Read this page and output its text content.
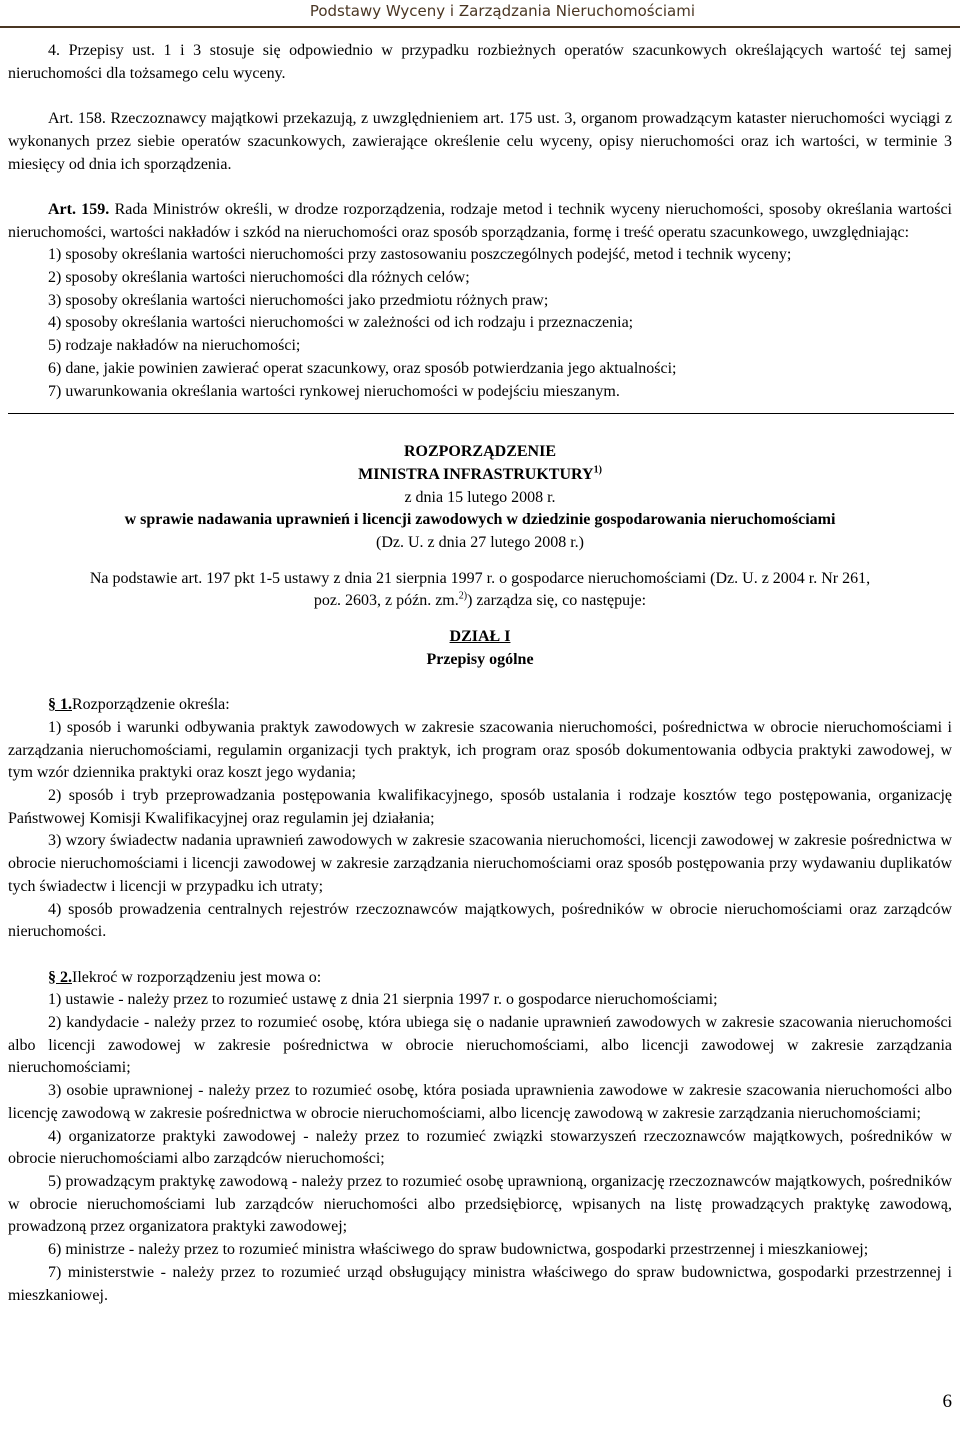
Podstawy Wyceny i Zarządzania Nieruchomościami

4. Przepisy ust. 1 i 3 stosuje się odpowiednio w przypadku rozbieżnych operatów szacunkowych określających wartość tej samej nieruchomości dla tożsamego celu wyceny.

Art. 158. Rzeczoznawcy majątkowi przekazują, z uwzględnieniem art. 175 ust. 3, organom prowadzącym kataster nieruchomości wyciągi z wykonanych przez siebie operatów szacunkowych, zawierające określenie celu wyceny, opisy nieruchomości oraz ich wartości, w terminie 3 miesięcy od dnia ich sporządzenia.

Art. 159. Rada Ministrów określi, w drodze rozporządzenia, rodzaje metod i technik wyceny nieruchomości, sposoby określania wartości nieruchomości, wartości nakładów i szkód na nieruchomości oraz sposób sporządzania, formę i treść operatu szacunkowego, uwzględniając:

1) sposoby określania wartości nieruchomości przy zastosowaniu poszczególnych podejść, metod i technik wyceny;

2) sposoby określania wartości nieruchomości dla różnych celów;

3) sposoby określania wartości nieruchomości jako przedmiotu różnych praw;

4) sposoby określania wartości nieruchomości w zależności od ich rodzaju i przeznaczenia;

5) rodzaje nakładów na nieruchomości;

6) dane, jakie powinien zawierać operat szacunkowy, oraz sposób potwierdzania jego aktualności;

7) uwarunkowania określania wartości rynkowej nieruchomości w podejściu mieszanym.

ROZPORZĄDZENIE

MINISTRA INFRASTRUKTURY$^{1)}$

z dnia 15 lutego 2008 r.

w sprawie nadawania uprawnień i licencji zawodowych w dziedzinie gospodarowania nieruchomościami

(Dz. U. z dnia 27 lutego 2008 r.)

Na podstawie art. 197 pkt 1-5 ustawy z dnia 21 sierpnia 1997 r. o gospodarce nieruchomościami (Dz. U. z 2004 r. Nr 261,

poz. 2603, z późn. zm.$^{2)}$) zarządza się, co następuje:

DZIAŁ I

Przepisy ogólne

§ 1.Rozporządzenie określa:

1) sposób i warunki odbywania praktyk zawodowych w zakresie szacowania nieruchomości, pośrednictwa w obrocie nieruchomościami i zarządzania nieruchomościami, regulamin organizacji tych praktyk, ich program oraz sposób dokumentowania odbycia praktyki zawodowej, w tym wzór dziennika praktyki oraz koszt jego wydania;

2) sposób i tryb przeprowadzania postępowania kwalifikacyjnego, sposób ustalania i rodzaje kosztów tego postępowania, organizację Państwowej Komisji Kwalifikacyjnej oraz regulamin jej działania;

3) wzory świadectw nadania uprawnień zawodowych w zakresie szacowania nieruchomości, licencji zawodowej w zakresie pośrednictwa w obrocie nieruchomościami i licencji zawodowej w zakresie zarządzania nieruchomościami oraz sposób postępowania przy wydawaniu duplikatów tych świadectw i licencji w przypadku ich utraty;

4) sposób prowadzenia centralnych rejestrów rzeczoznawców majątkowych, pośredników w obrocie nieruchomościami oraz zarządców nieruchomości.

§ 2.Ilekroć w rozporządzeniu jest mowa o:

1) ustawie - należy przez to rozumieć ustawę z dnia 21 sierpnia 1997 r. o gospodarce nieruchomościami;

2) kandydacie - należy przez to rozumieć osobę, która ubiega się o nadanie uprawnień zawodowych w zakresie szacowania nieruchomości albo licencji zawodowej w zakresie pośrednictwa w obrocie nieruchomościami, albo licencji zawodowej w zakresie zarządzania nieruchomościami;

3) osobie uprawnionej - należy przez to rozumieć osobę, która posiada uprawnienia zawodowe w zakresie szacowania nieruchomości albo licencję zawodową w zakresie pośrednictwa w obrocie nieruchomościami, albo licencję zawodową w zakresie zarządzania nieruchomościami;

4) organizatorze praktyki zawodowej - należy przez to rozumieć związki stowarzyszeń rzeczoznawców majątkowych, pośredników w obrocie nieruchomościami albo zarządców nieruchomości;

5) prowadzącym praktykę zawodową - należy przez to rozumieć osobę uprawnioną, organizację rzeczoznawców majątkowych, pośredników w obrocie nieruchomościami lub zarządców nieruchomości albo przedsiębiorcę, wpisanych na listę prowadzących praktykę zawodową, prowadzoną przez organizatora praktyki zawodowej;

6) ministrze - należy przez to rozumieć ministra właściwego do spraw budownictwa, gospodarki przestrzennej i mieszkaniowej;

7) ministerstwie - należy przez to rozumieć urząd obsługujący ministra właściwego do spraw budownictwa, gospodarki przestrzennej i mieszkaniowej.

6
